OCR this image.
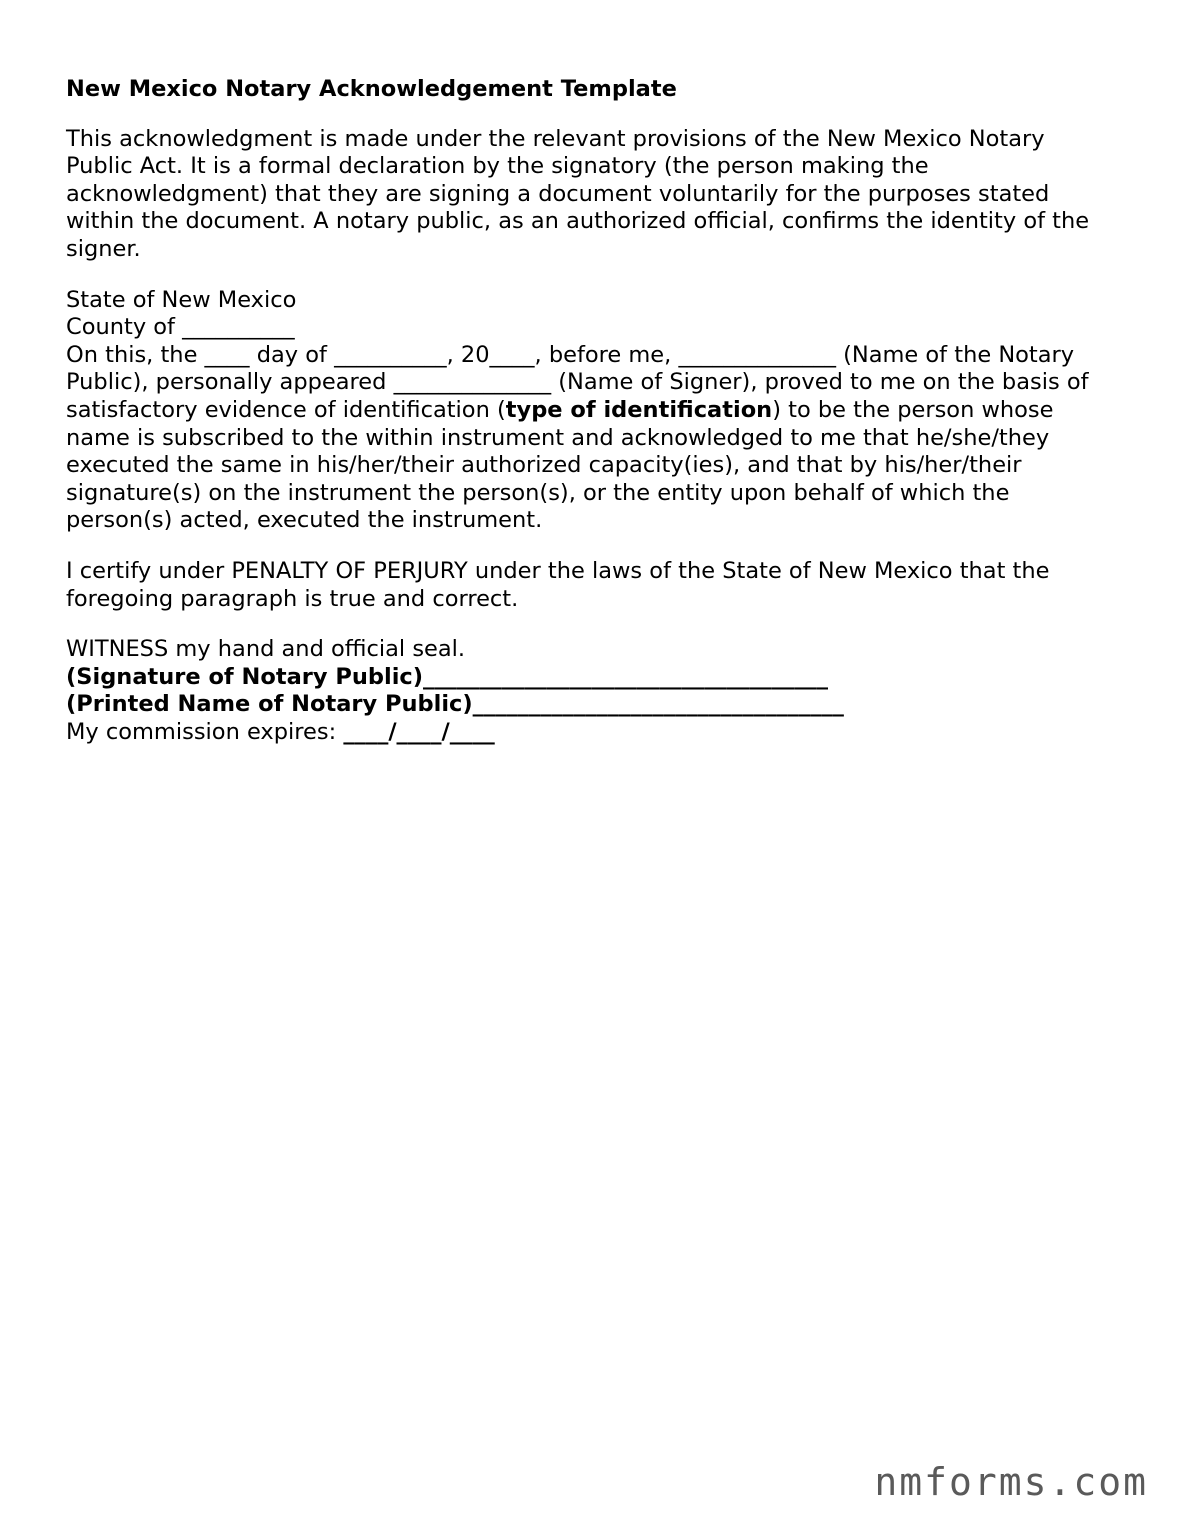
New Mexico Notary Acknowledgement Template
This acknowledgment is made under the relevant provisions of the New Mexico Notary
Public Act. It is a formal declaration by the signatory (the person making the
acknowledgment) that they are signing a document voluntarily for the purposes stated
within the document. A notary public, as an authorized official, confirms the identity of the
signer.
State of New Mexico
County of __________
On this, the ____ day of __________, 20____, before me, ______________ (Name of the Notary
Public), personally appeared ______________ (Name of Signer), proved to me on the basis of
satisfactory evidence of identification (type of identification) to be the person whose
name is subscribed to the within instrument and acknowledged to me that he/she/they
executed the same in his/her/their authorized capacity(ies), and that by his/her/their
signature(s) on the instrument the person(s), or the entity upon behalf of which the
person(s) acted, executed the instrument.
I certify under PENALTY OF PERJURY under the laws of the State of New Mexico that the
foregoing paragraph is true and correct.
WITNESS my hand and official seal.
(Signature of Notary Public)____________________________________
(Printed Name of Notary Public)_________________________________
My commission expires: ____/____/____
nmforms.com
